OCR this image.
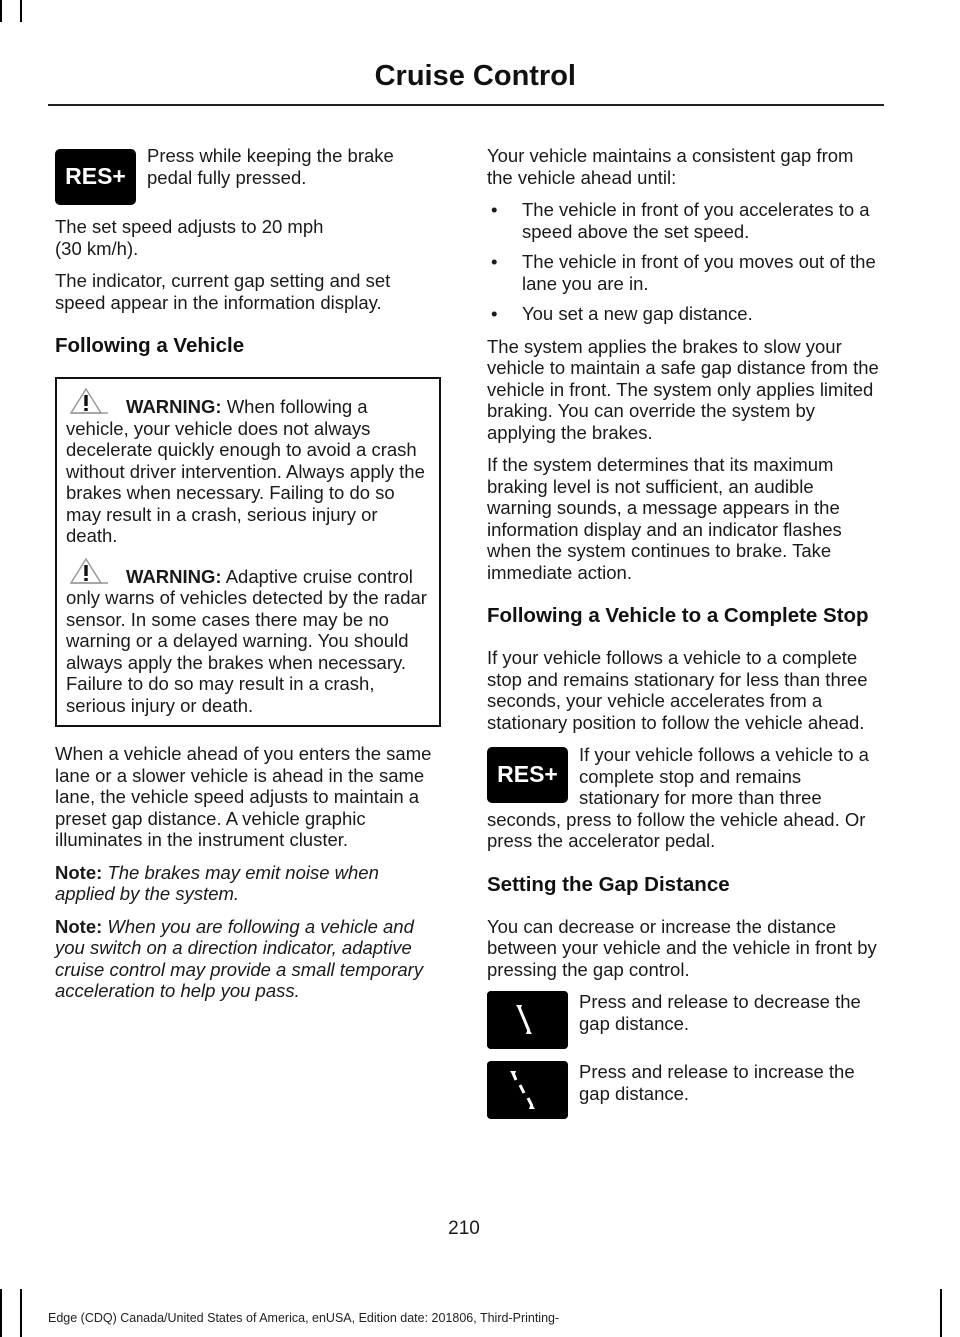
Cruise Control
RES+
Press while keeping the brake pedal fully pressed.

The set speed adjusts to 20 mph
(30 km/h).

The indicator, current gap setting and set speed appear in the information display.

Following a Vehicle

WARNING: When following a vehicle, your vehicle does not always decelerate quickly enough to avoid a crash without driver intervention. Always apply the brakes when necessary. Failing to do so may result in a crash, serious injury or death.

WARNING: Adaptive cruise control only warns of vehicles detected by the radar sensor. In some cases there may be no warning or a delayed warning. You should always apply the brakes when necessary. Failure to do so may result in a crash, serious injury or death.

When a vehicle ahead of you enters the same lane or a slower vehicle is ahead in the same lane, the vehicle speed adjusts to maintain a preset gap distance. A vehicle graphic illuminates in the instrument cluster.

Note: The brakes may emit noise when applied by the system.

Note: When you are following a vehicle and you switch on a direction indicator, adaptive cruise control may provide a small temporary acceleration to help you pass.

Your vehicle maintains a consistent gap from the vehicle ahead until:

• The vehicle in front of you accelerates to a speed above the set speed.
• The vehicle in front of you moves out of the lane you are in.
• You set a new gap distance.

The system applies the brakes to slow your vehicle to maintain a safe gap distance from the vehicle in front. The system only applies limited braking. You can override the system by applying the brakes.

If the system determines that its maximum braking level is not sufficient, an audible warning sounds, a message appears in the information display and an indicator flashes when the system continues to brake. Take immediate action.

Following a Vehicle to a Complete Stop

If your vehicle follows a vehicle to a complete stop and remains stationary for less than three seconds, your vehicle accelerates from a stationary position to follow the vehicle ahead.

RES+
If your vehicle follows a vehicle to a complete stop and remains stationary for more than three seconds, press to follow the vehicle ahead. Or press the accelerator pedal.

Setting the Gap Distance

You can decrease or increase the distance between your vehicle and the vehicle in front by pressing the gap control.

Press and release to decrease the gap distance.
Press and release to increase the gap distance.
210
Edge (CDQ) Canada/United States of America, enUSA, Edition date: 201806, Third-Printing-
